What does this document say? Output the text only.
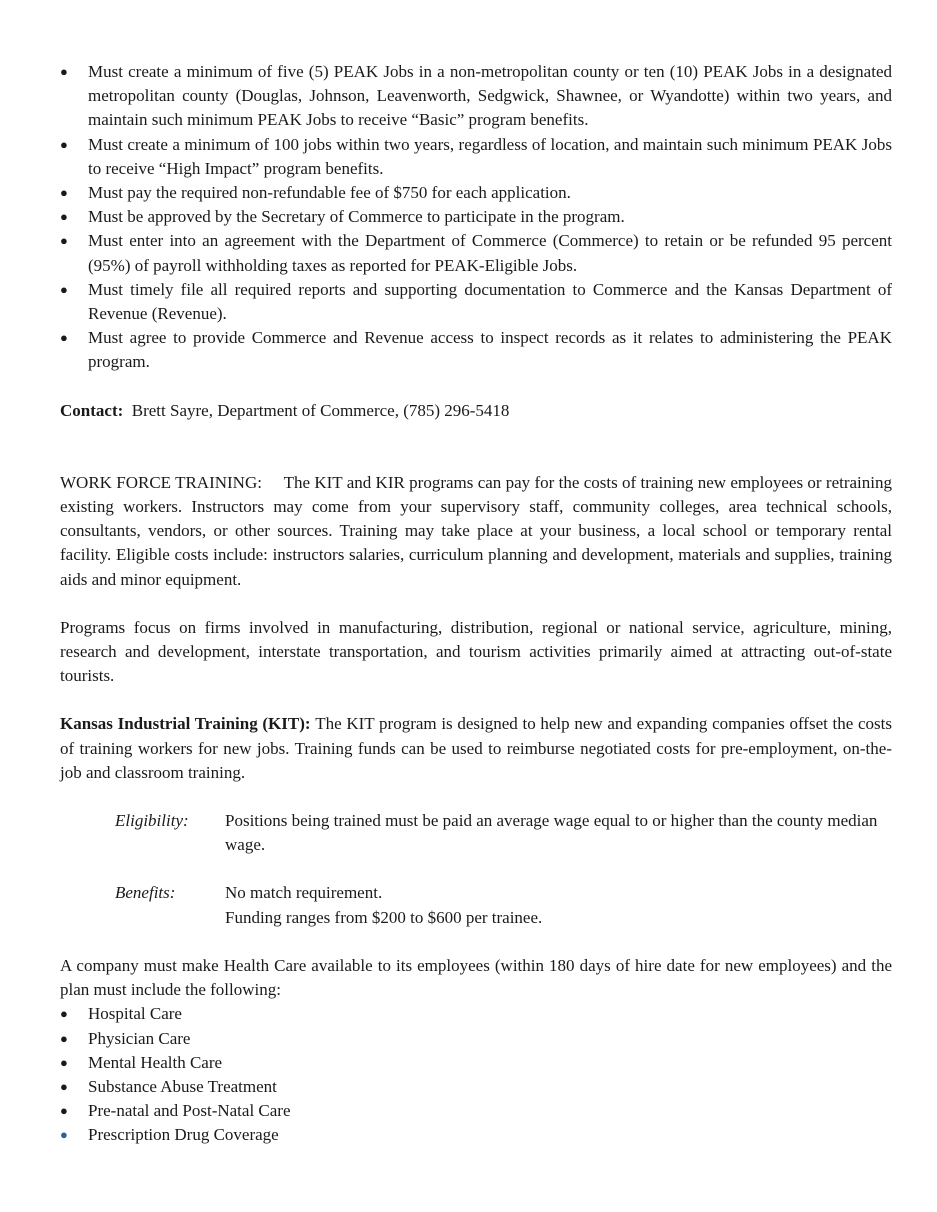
● Must create a minimum of five (5) PEAK Jobs in a non-metropolitan county or ten (10) PEAK Jobs in a designated metropolitan county (Douglas, Johnson, Leavenworth, Sedgwick, Shawnee, or Wyandotte) within two years, and maintain such minimum PEAK Jobs to receive “Basic” program benefits.
● Must create a minimum of 100 jobs within two years, regardless of location, and maintain such minimum PEAK Jobs to receive “High Impact” program benefits.
● Must pay the required non-refundable fee of $750 for each application.
● Must be approved by the Secretary of Commerce to participate in the program.
● Must enter into an agreement with the Department of Commerce (Commerce) to retain or be refunded 95 percent (95%) of payroll withholding taxes as reported for PEAK-Eligible Jobs.
● Must timely file all required reports and supporting documentation to Commerce and the Kansas Department of Revenue (Revenue).
● Must agree to provide Commerce and Revenue access to inspect records as it relates to administering the PEAK program.

Contact: Brett Sayre, Department of Commerce, (785) 296-5418

WORK FORCE TRAINING: The KIT and KIR programs can pay for the costs of training new employees or retraining existing workers. Instructors may come from your supervisory staff, community colleges, area technical schools, consultants, vendors, or other sources. Training may take place at your business, a local school or temporary rental facility. Eligible costs include: instructors salaries, curriculum planning and development, materials and supplies, training aids and minor equipment.

Programs focus on firms involved in manufacturing, distribution, regional or national service, agriculture, mining, research and development, interstate transportation, and tourism activities primarily aimed at attracting out-of-state tourists.

Kansas Industrial Training (KIT): The KIT program is designed to help new and expanding companies offset the costs of training workers for new jobs. Training funds can be used to reimburse negotiated costs for pre-employment, on-the-job and classroom training.

Eligibility:	Positions being trained must be paid an average wage equal to or higher than the county median wage.
Benefits:	No match requirement.
Funding ranges from $200 to $600 per trainee.

A company must make Health Care available to its employees (within 180 days of hire date for new employees) and the plan must include the following:

● Hospital Care
● Physician Care
● Mental Health Care
● Substance Abuse Treatment
● Pre-natal and Post-Natal Care
● Prescription Drug Coverage
